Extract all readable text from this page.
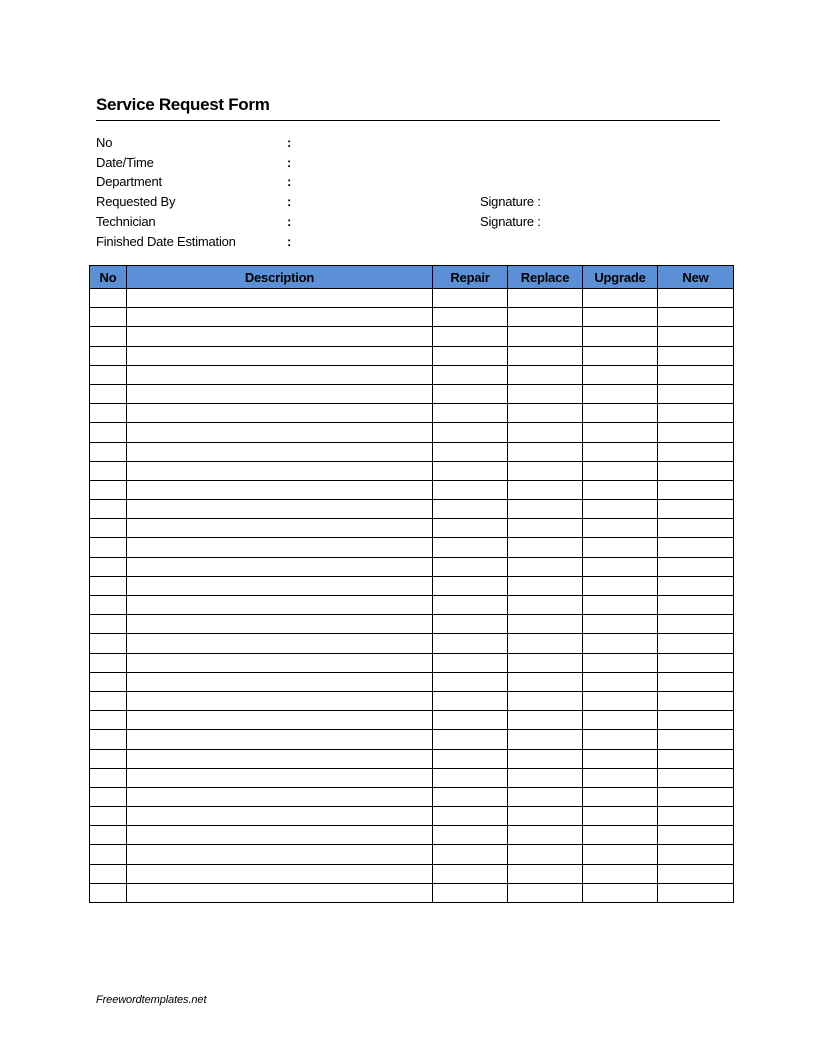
Service Request Form
No	:
Date/Time	:
Department	:
Requested By	:	Signature :
Technician	:	Signature :
Finished Date Estimation	:
No	Description	Repair	Replace	Upgrade	New

Freewordtemplates.net
